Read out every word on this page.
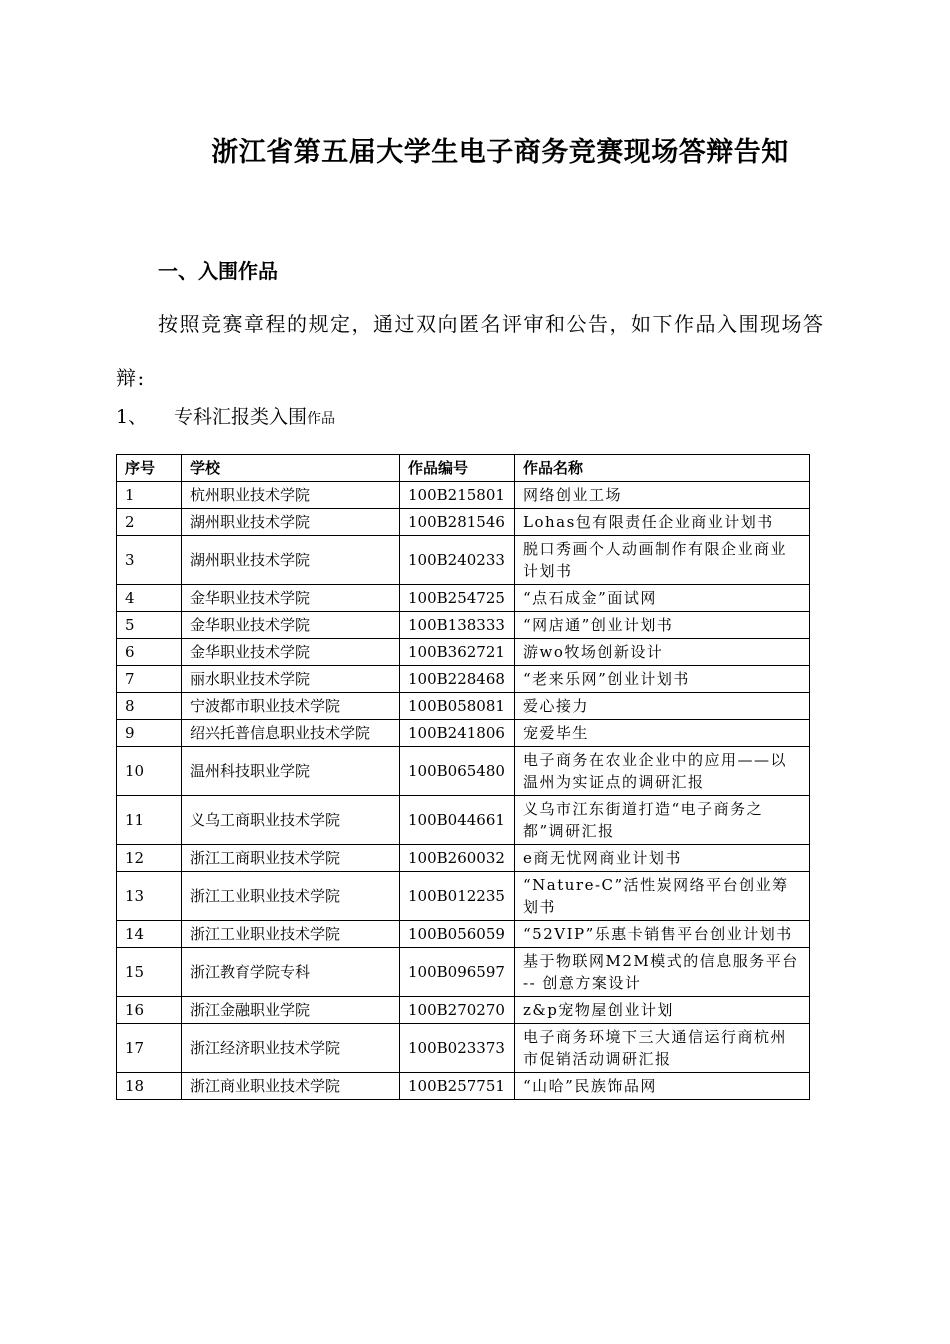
浙江省第五届大学生电子商务竞赛现场答辩告知
一、入围作品
按照竞赛章程的规定，通过双向匿名评审和公告，如下作品入围现场答辩:
1、 专科汇报类入围作品
序号	学校	作品编号	作品名称
1	杭州职业技术学院	100B215801	网络创业工场
2	湖州职业技术学院	100B281546	Lohas包有限责任企业商业计划书
3	湖州职业技术学院	100B240233	脱口秀画个人动画制作有限企业商业计划书
4	金华职业技术学院	100B254725	“点石成金”面试网
5	金华职业技术学院	100B138333	“网店通”创业计划书
6	金华职业技术学院	100B362721	游wo牧场创新设计
7	丽水职业技术学院	100B228468	“老来乐网”创业计划书
8	宁波都市职业技术学院	100B058081	爱心接力
9	绍兴托普信息职业技术学院	100B241806	宠爱毕生
10	温州科技职业学院	100B065480	电子商务在农业企业中的应用——以温州为实证点的调研汇报
11	义乌工商职业技术学院	100B044661	义乌市江东街道打造“电子商务之都”调研汇报
12	浙江工商职业技术学院	100B260032	e商无忧网商业计划书
13	浙江工业职业技术学院	100B012235	“Nature-C”活性炭网络平台创业筹划书
14	浙江工业职业技术学院	100B056059	“52VIP”乐惠卡销售平台创业计划书
15	浙江教育学院专科	100B096597	基于物联网M2M模式的信息服务平台 -- 创意方案设计
16	浙江金融职业学院	100B270270	z&p宠物屋创业计划
17	浙江经济职业技术学院	100B023373	电子商务环境下三大通信运行商杭州市促销活动调研汇报
18	浙江商业职业技术学院	100B257751	“山哈”民族饰品网
